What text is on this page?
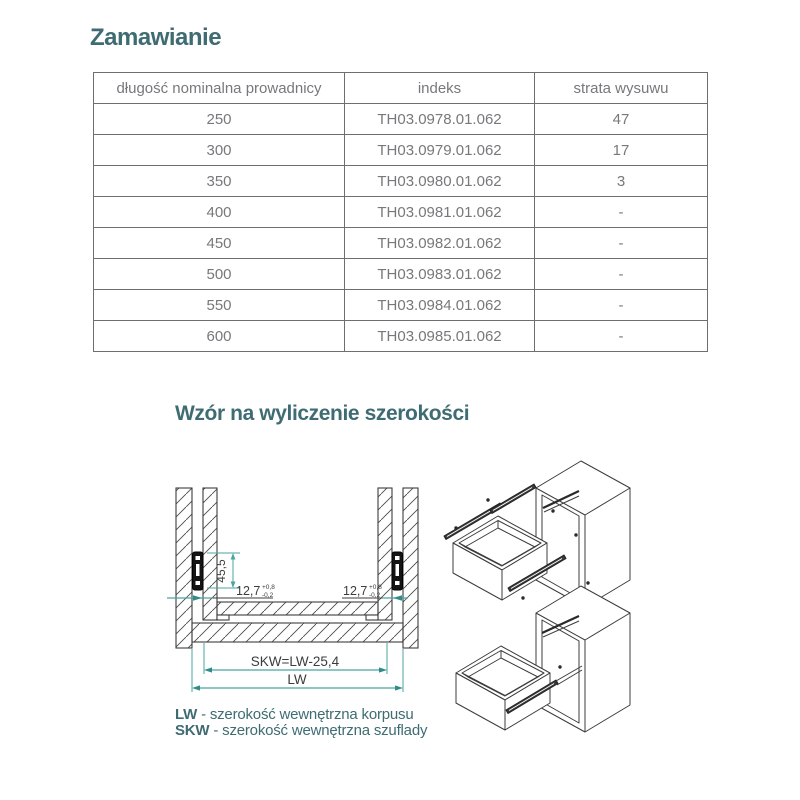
Zamawianie
długość nominalna prowadnicy	indeks	strata wysuwu
250	TH03.0978.01.062	47
300	TH03.0979.01.062	17
350	TH03.0980.01.062	3
400	TH03.0981.01.062	-
450	TH03.0982.01.062	-
500	TH03.0983.01.062	-
550	TH03.0984.01.062	-
600	TH03.0985.01.062	-
Wzór na wyliczenie szerokości
45,5
12,7 +0,8
-0,2	12,7 +0,8
-0,2
SKW=LW-25,4
LW
LW - szerokość wewnętrzna korpusu
SKW - szerokość wewnętrzna szuflady
